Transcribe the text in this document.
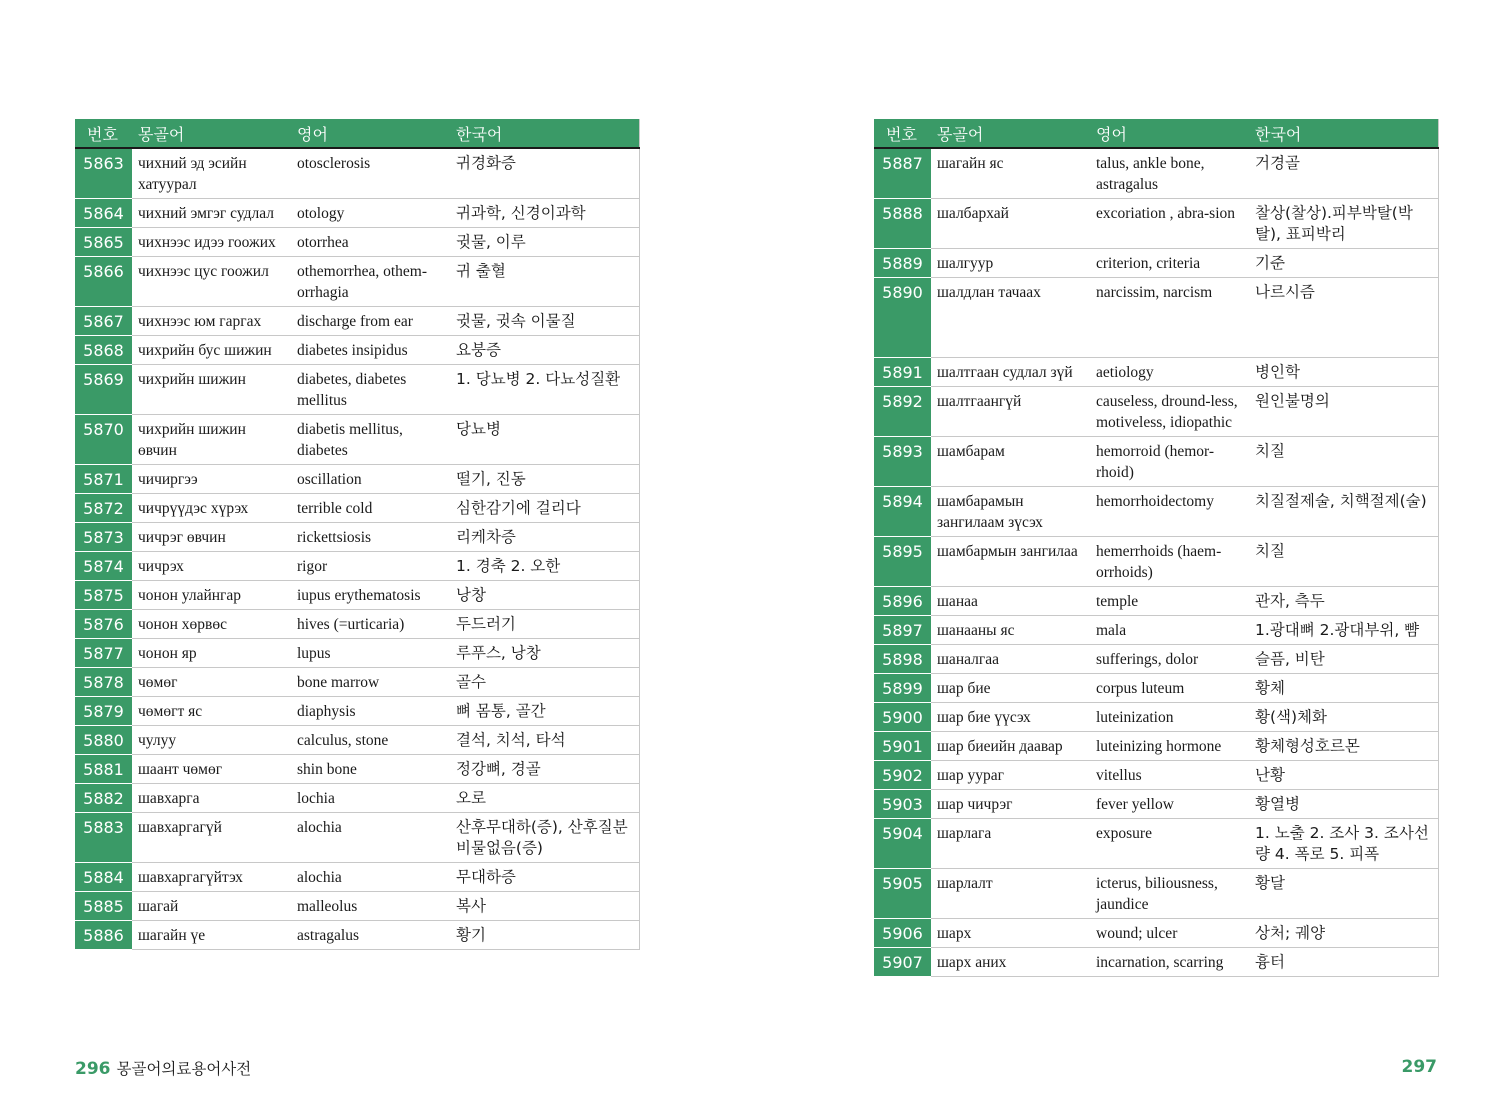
번호	몽골어	영어	한국어
5863	чихний эд эсийн хатуурал	otosclerosis	귀경화증
5864	чихний эмгэг судлал	otology	귀과학, 신경이과학
5865	чихнээс идээ гоожих	otorrhea	귓물, 이루
5866	чихнээс цус гоожил	othemorrhea, othem-orrhagia	귀 출혈
5867	чихнээс юм гаргах	discharge from ear	귓물, 귓속 이물질
5868	чихрийн бус шижин	diabetes insipidus	요붕증
5869	чихрийн шижин	diabetes, diabetes mellitus	1. 당뇨병 2. 다뇨성질환
5870	чихрийн шижин өвчин	diabetis mellitus, diabetes	당뇨병
5871	чичиргээ	oscillation	떨기, 진동
5872	чичрүүдэс хүрэх	terrible cold	심한감기에 걸리다
5873	чичрэг өвчин	rickettsiosis	리케차증
5874	чичрэх	rigor	1. 경축 2. 오한
5875	чонон улайнгар	iupus erythematosis	낭창
5876	чонон хөрвөс	hives (=urticaria)	두드러기
5877	чонон яр	lupus	루푸스, 낭창
5878	чөмөг	bone marrow	골수
5879	чөмөгт яс	diaphysis	뼈 몸통, 골간
5880	чулуу	calculus, stone	결석, 치석, 타석
5881	шаант чөмөг	shin bone	정강뼈, 경골
5882	шавхарга	lochia	오로
5883	шавхаргагүй	alochia	산후무대하(증), 산후질분비물없음(증)
5884	шавхаргагүйтэх	alochia	무대하증
5885	шагай	malleolus	복사
5886	шагайн үе	astragalus	황기
번호	몽골어	영어	한국어
5887	шагайн яс	talus, ankle bone, astragalus	거경골
5888	шалбархай	excoriation , abra-sion	찰상(찰상).피부박탈(박탈), 표피박리
5889	шалгуур	criterion, criteria	기준
5890	шалдлан тачаах	narcissim, narcism	나르시즘
5891	шалтгаан судлал зүй	aetiology	병인학
5892	шалтгаангүй	causeless, dround-less, motiveless, idiopathic	원인불명의
5893	шамбарам	hemorroid (hemor-rhoid)	치질
5894	шамбарамын зангилаам зүсэх	hemorrhoidectomy	치질절제술, 치핵절제(술)
5895	шамбармын зангилаа	hemerrhoids (haem-orrhoids)	치질
5896	шанаа	temple	관자, 측두
5897	шанааны яс	mala	1.광대뼈 2.광대부위, 뺨
5898	шаналгаа	sufferings, dolor	슬픔, 비탄
5899	шар бие	corpus luteum	황체
5900	шар бие үүсэх	luteinization	황(색)체화
5901	шар биеийн даавар	luteinizing hormone	황체형성호르몬
5902	шар ууpаг	vitellus	난황
5903	шар чичрэг	fever yellow	황열병
5904	шарлага	exposure	1. 노출 2. 조사 3. 조사선량 4. 폭로 5. 피폭
5905	шарлалт	icterus, biliousness, jaundice	황달
5906	шарх	wound; ulcer	상처; 궤양
5907	шарх аних	incarnation, scarring	흉터
296 몽골어의료용어사전	297
